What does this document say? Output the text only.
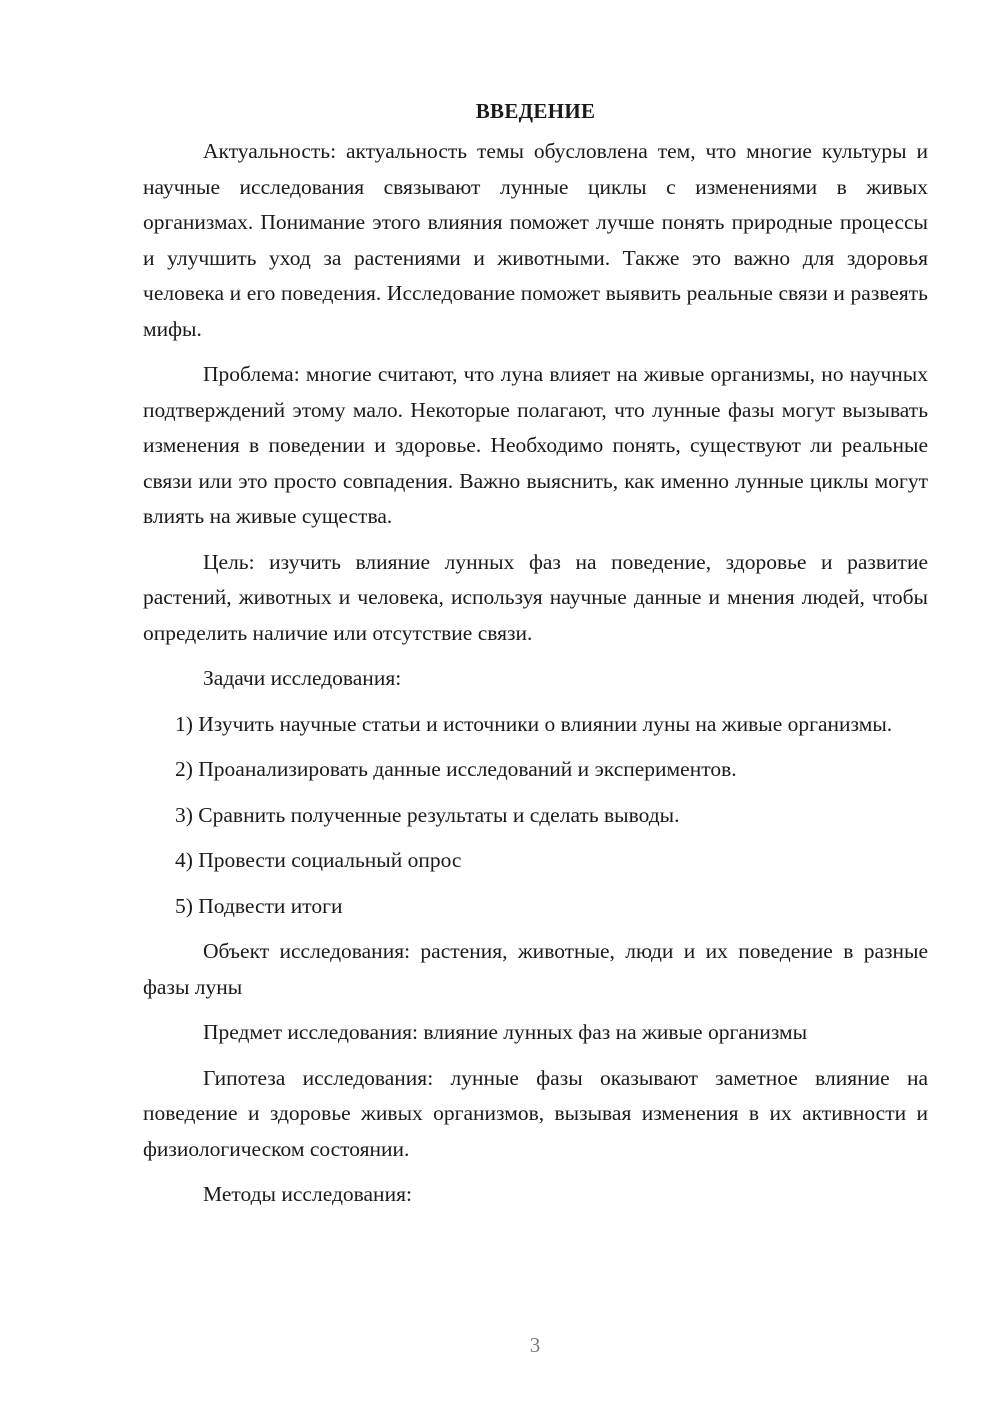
ВВЕДЕНИЕ

Актуальность: актуальность темы обусловлена тем, что многие культуры и научные исследования связывают лунные циклы с изменениями в живых организмах. Понимание этого влияния поможет лучше понять природные процессы и улучшить уход за растениями и животными. Также это важно для здоровья человека и его поведения. Исследование поможет выявить реальные связи и развеять мифы.

Проблема: многие считают, что луна влияет на живые организмы, но научных подтверждений этому мало. Некоторые полагают, что лунные фазы могут вызывать изменения в поведении и здоровье. Необходимо понять, существуют ли реальные связи или это просто совпадения. Важно выяснить, как именно лунные циклы могут влиять на живые существа.

Цель: изучить влияние лунных фаз на поведение, здоровье и развитие растений, животных и человека, используя научные данные и мнения людей, чтобы определить наличие или отсутствие связи.

Задачи исследования:

1) Изучить научные статьи и источники о влиянии луны на живые организмы.

2) Проанализировать данные исследований и экспериментов.

3) Сравнить полученные результаты и сделать выводы.

4) Провести социальный опрос

5) Подвести итоги

Объект исследования: растения, животные, люди и их поведение в разные фазы луны

Предмет исследования: влияние лунных фаз на живые организмы

Гипотеза исследования: лунные фазы оказывают заметное влияние на поведение и здоровье живых организмов, вызывая изменения в их активности и физиологическом состоянии.

Методы исследования:

3
